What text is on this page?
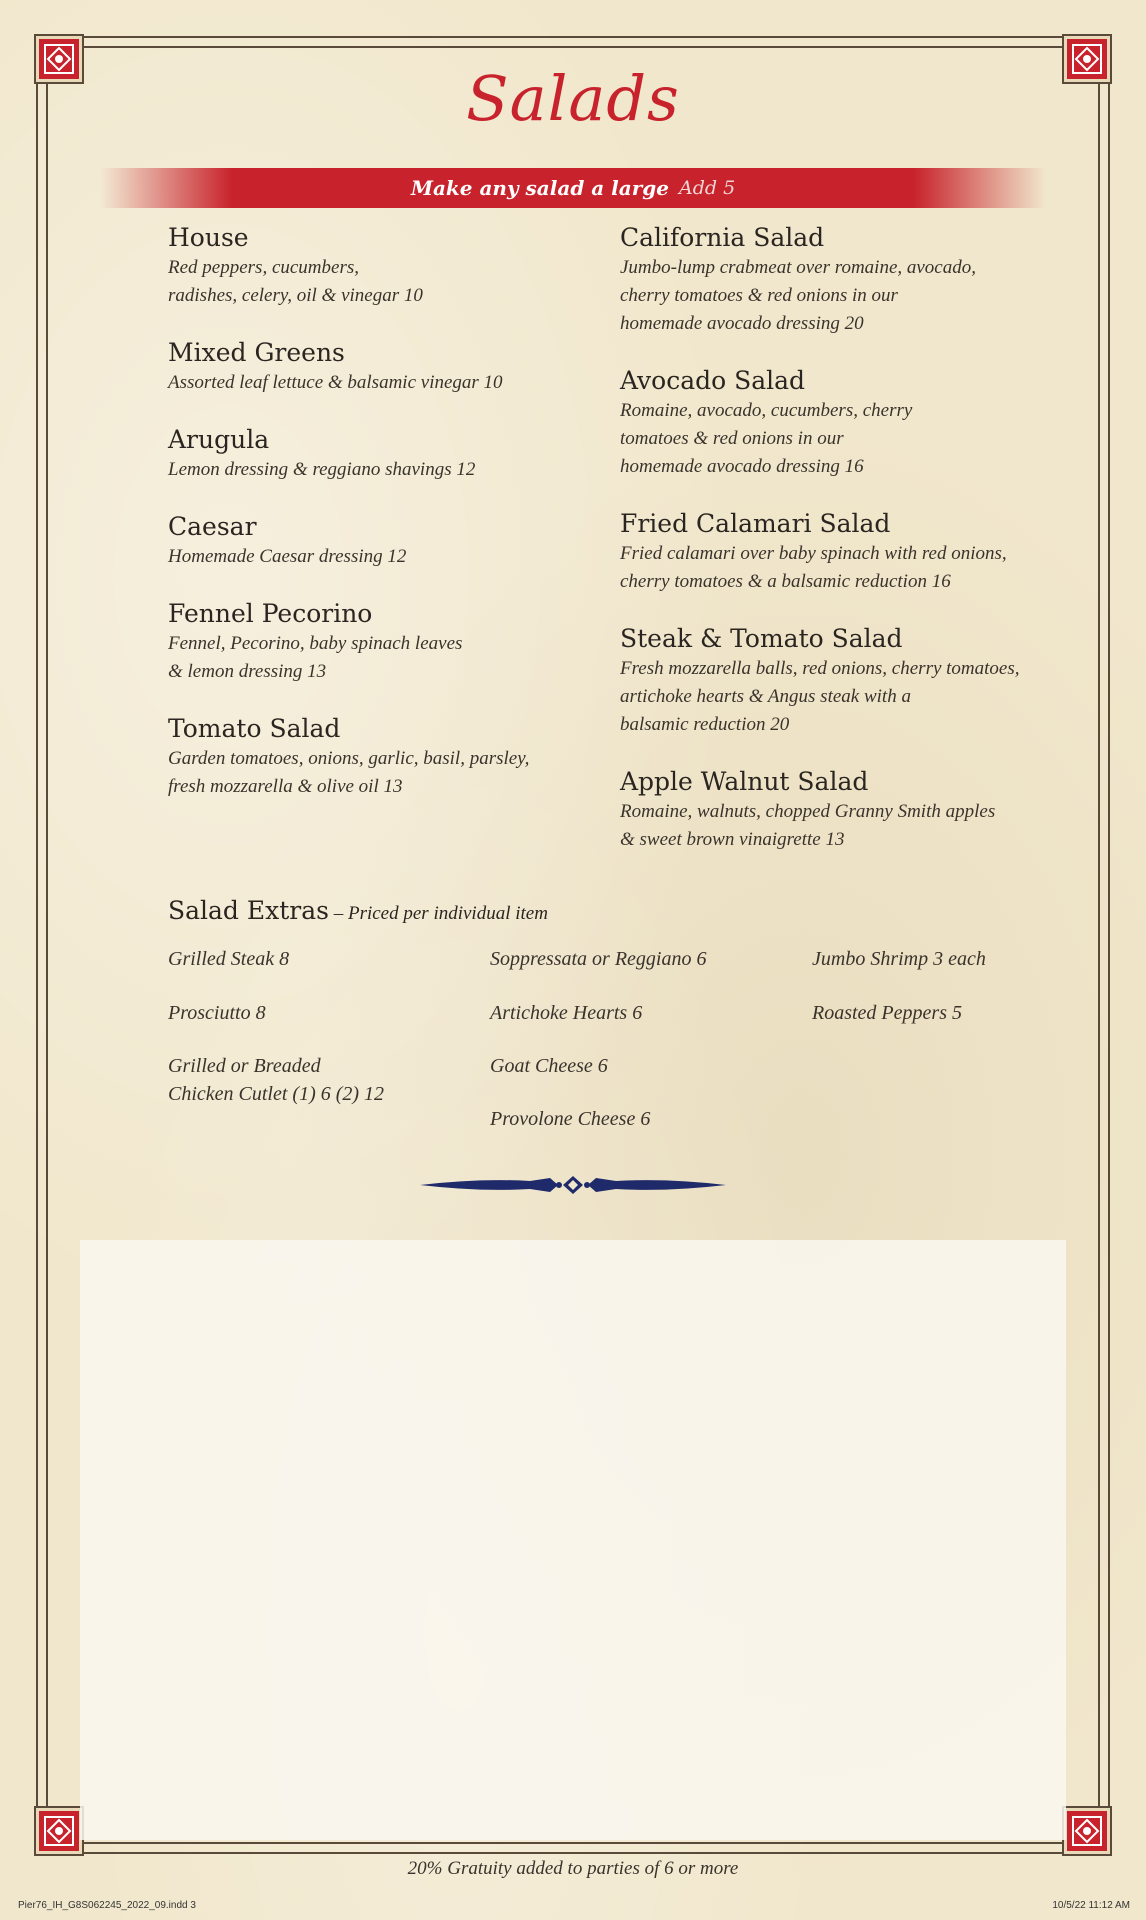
Salads
Make any salad a large Add 5
House
Red peppers, cucumbers,
radishes, celery, oil & vinegar 10
Mixed Greens
Assorted leaf lettuce & balsamic vinegar 10
Arugula
Lemon dressing & reggiano shavings 12
Caesar
Homemade Caesar dressing 12
Fennel Pecorino
Fennel, Pecorino, baby spinach leaves
& lemon dressing 13
Tomato Salad
Garden tomatoes, onions, garlic, basil, parsley,
fresh mozzarella & olive oil 13
California Salad
Jumbo-lump crabmeat over romaine, avocado,
cherry tomatoes & red onions in our
homemade avocado dressing 20
Avocado Salad
Romaine, avocado, cucumbers, cherry
tomatoes & red onions in our
homemade avocado dressing 16
Fried Calamari Salad
Fried calamari over baby spinach with red onions,
cherry tomatoes & a balsamic reduction 16
Steak & Tomato Salad
Fresh mozzarella balls, red onions, cherry tomatoes,
artichoke hearts & Angus steak with a
balsamic reduction 20
Apple Walnut Salad
Romaine, walnuts, chopped Granny Smith apples
& sweet brown vinaigrette 13
Salad Extras – Priced per individual item
Grilled Steak 8
Prosciutto 8
Grilled or Breaded
Chicken Cutlet (1) 6 (2) 12
Soppressata or Reggiano 6
Artichoke Hearts 6
Goat Cheese 6
Provolone Cheese 6
Jumbo Shrimp 3 each
Roasted Peppers 5
20% Gratuity added to parties of 6 or more
Pier76_IH_G8S062245_2022_09.indd 3	10/5/22 11:12 AM
